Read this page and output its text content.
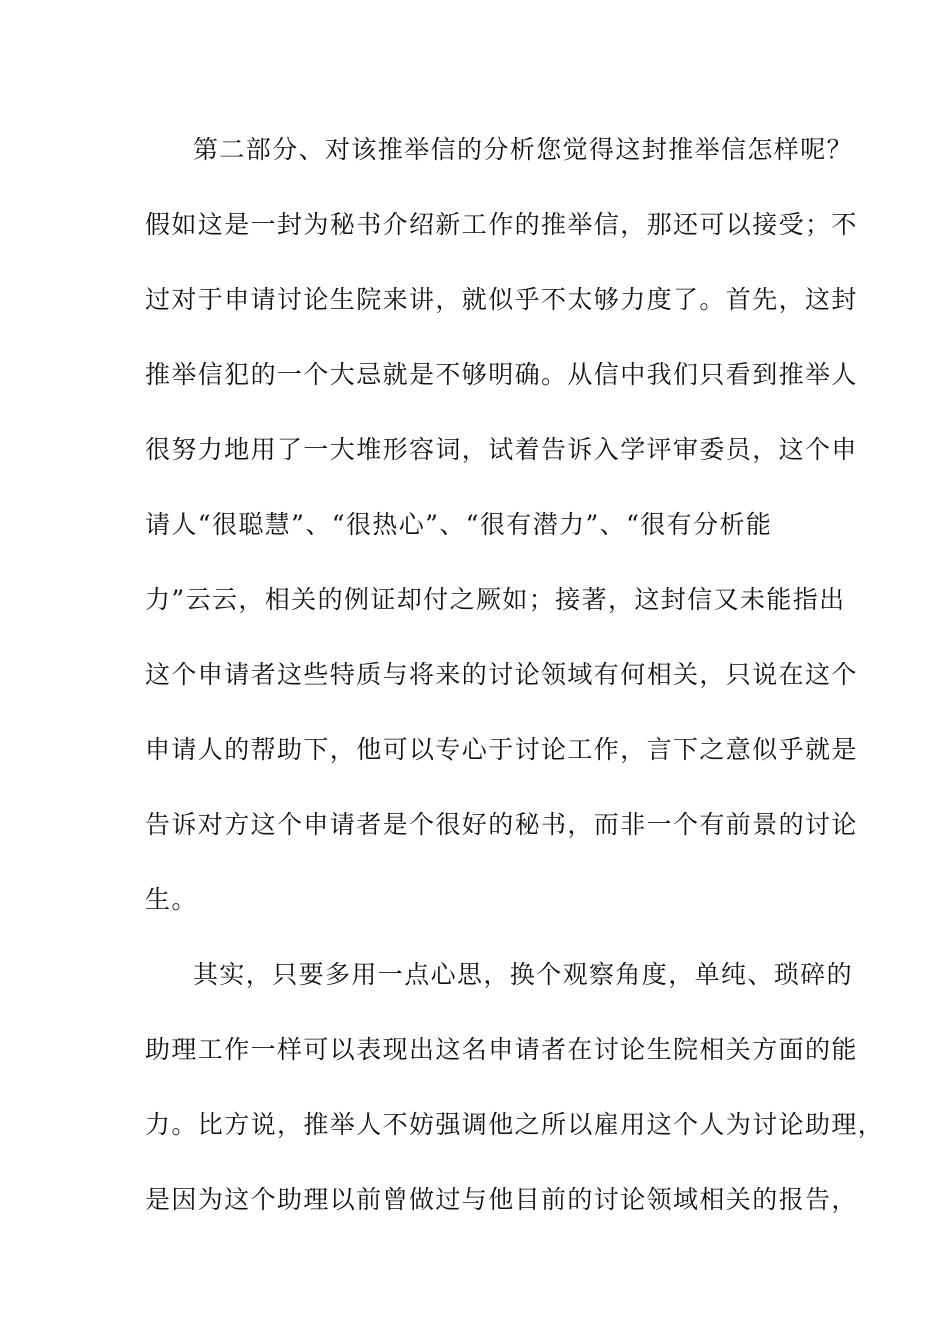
第二部分、对该推举信的分析您觉得这封推举信怎样呢？
假如这是一封为秘书介绍新工作的推举信，那还可以接受；不
过对于申请讨论生院来讲，就似乎不太够力度了。首先，这封
推举信犯的一个大忌就是不够明确。从信中我们只看到推举人
很努力地用了一大堆形容词，试着告诉入学评审委员，这个申
请人“很聪慧”、“很热心”、“很有潜力”、“很有分析能
力”云云，相关的例证却付之厥如；接著，这封信又未能指出
这个申请者这些特质与将来的讨论领域有何相关，只说在这个
申请人的帮助下，他可以专心于讨论工作，言下之意似乎就是
告诉对方这个申请者是个很好的秘书，而非一个有前景的讨论
生。
其实，只要多用一点心思，换个观察角度，单纯、琐碎的
助理工作一样可以表现出这名申请者在讨论生院相关方面的能
力。比方说，推举人不妨强调他之所以雇用这个人为讨论助理，
是因为这个助理以前曾做过与他目前的讨论领域相关的报告，
